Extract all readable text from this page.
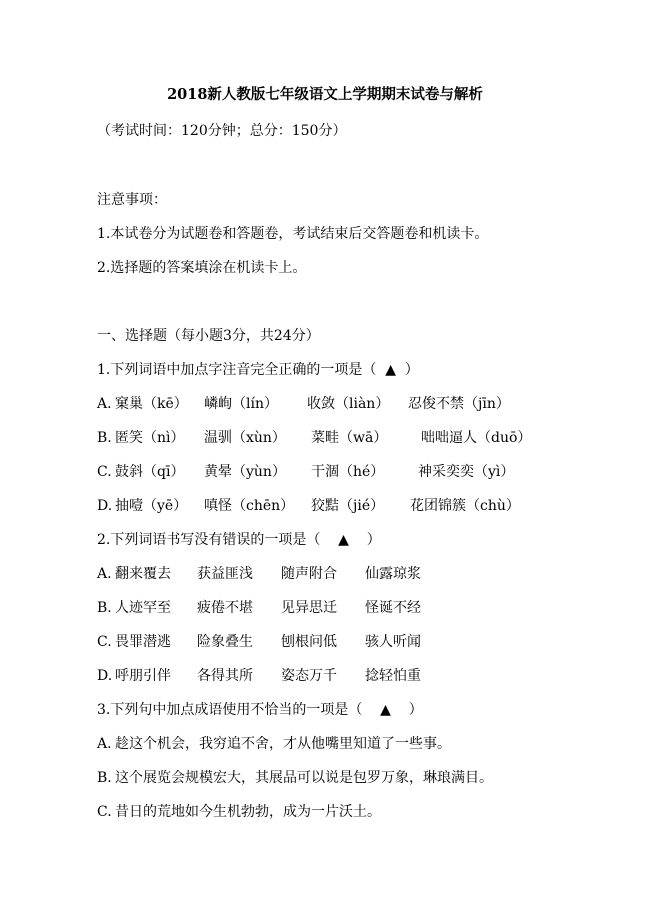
2018新人教版七年级语文上学期期末试卷与解析
（考试时间：120分钟；总分：150分）
注意事项：
1.本试卷分为试题卷和答题卷，考试结束后交答题卷和机读卡。
2.选择题的答案填涂在机读卡上。
一、选择题（每小题3分，共24分）
1.下列词语中加点字注音完全正确的一项是（  ▲  ）
A. 窠巢（kē） 嶙峋（lín） 收敛（liàn） 忍俊不禁（jīn）
B. 匿笑（nì） 温驯（xùn） 菜畦（wā） 咄咄逼人（duō）
C. 鼓斜（qī） 黄晕（yùn） 干涸（hé） 神采奕奕（yì）
D. 抽噎（yē） 嗔怪（chēn） 狡黠（jié） 花团锦簇（chù）
2.下列词语书写没有错误的一项是（    ▲    ）
A. 翻来覆去 获益匪浅 随声附合 仙露琼浆
B. 人迹罕至 疲倦不堪 见异思迁 怪诞不经
C. 畏罪潜逃 险象叠生 刨根问低 骇人听闻
D. 呼朋引伴 各得其所 姿态万千 捻轻怕重
3.下列句中加点成语使用不恰当的一项是（    ▲    ）
A. 趁这个机会，我穷追不舍，才从他嘴里知道了一些事。
B. 这个展览会规模宏大，其展品可以说是包罗万象，琳琅满目。
C. 昔日的荒地如今生机勃勃，成为一片沃土。
